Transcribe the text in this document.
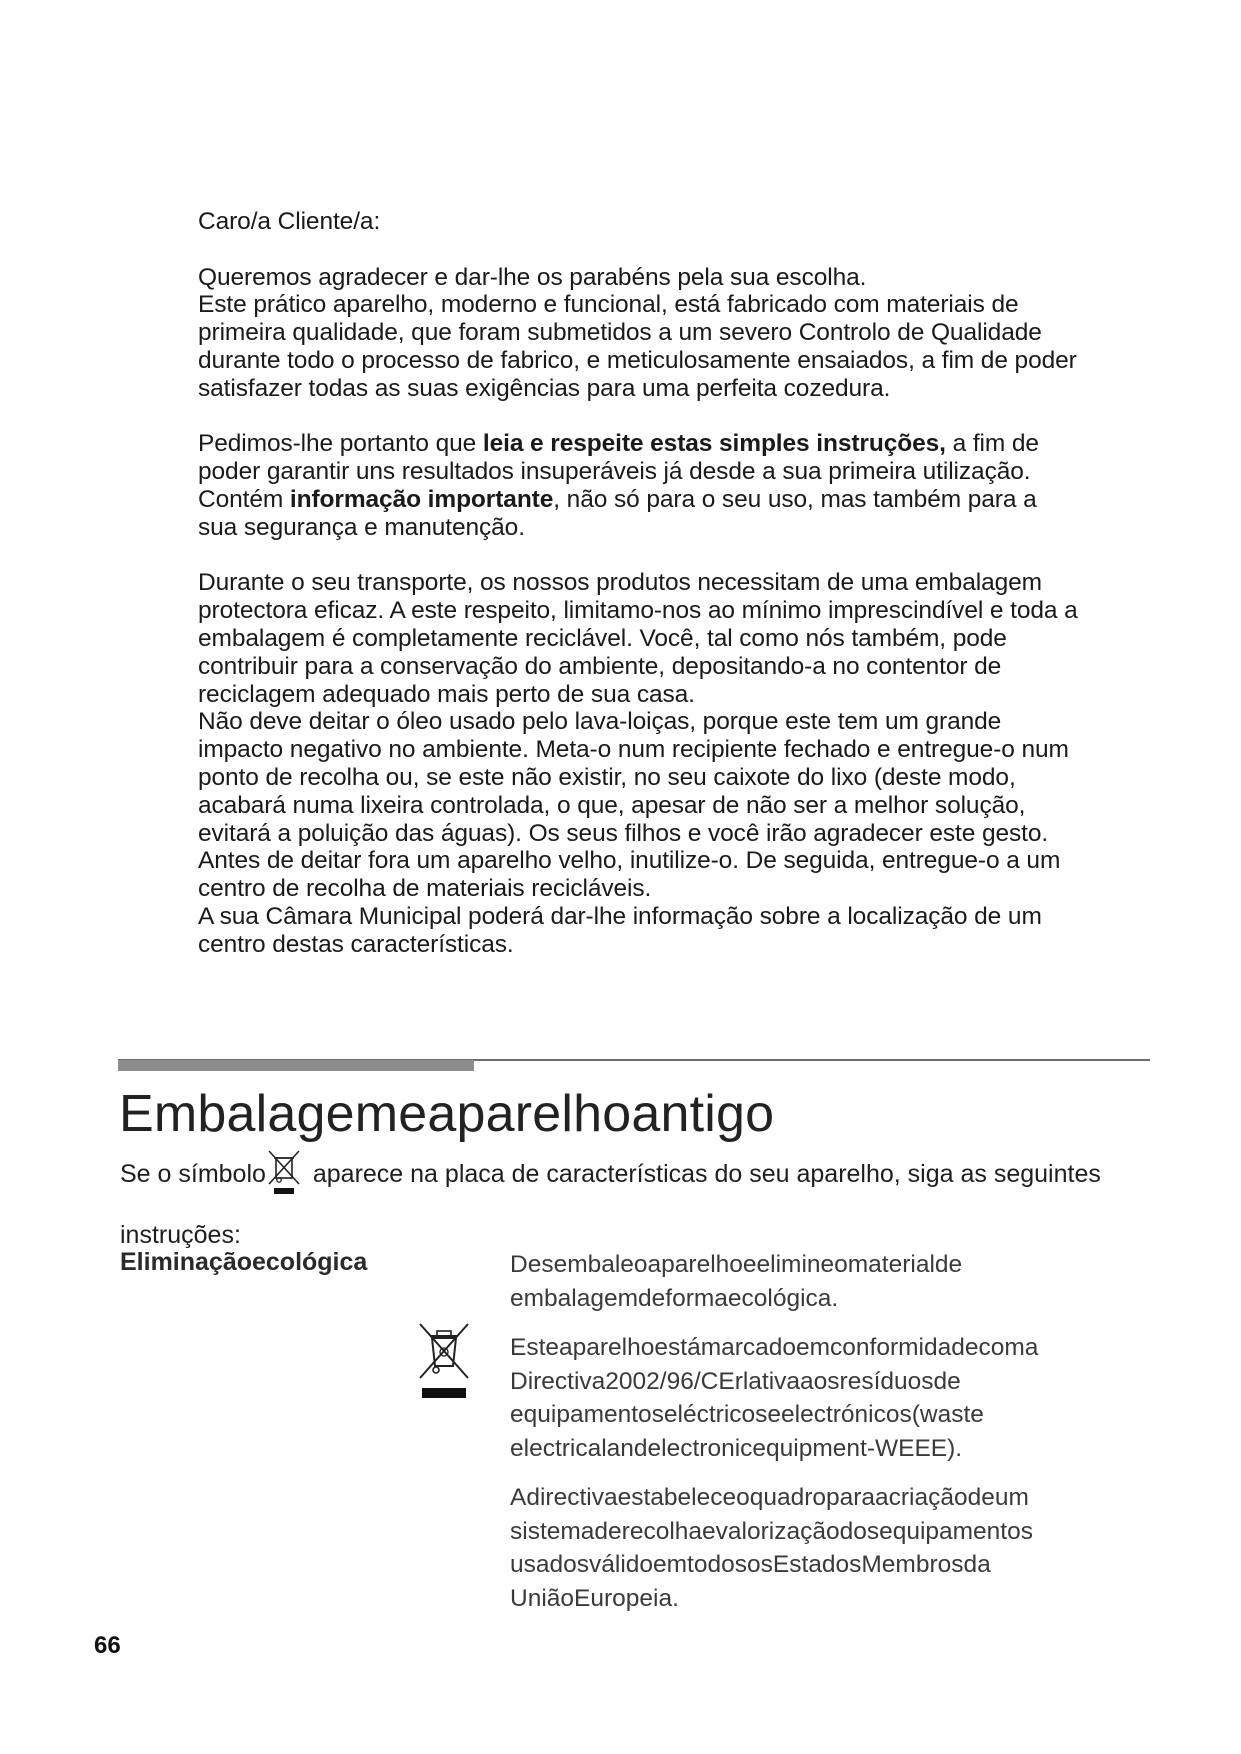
Caro/a Cliente/a:

Queremos agradecer e dar-lhe os parabéns pela sua escolha.
Este prático aparelho, moderno e funcional, está fabricado com materiais de primeira qualidade, que foram submetidos a um severo Controlo de Qualidade durante todo o processo de fabrico, e meticulosamente ensaiados, a fim de poder satisfazer todas as suas exigências para uma perfeita cozedura.

Pedimos-lhe portanto que leia e respeite estas simples instruções, a fim de poder garantir uns resultados insuperáveis já desde a sua primeira utilização. Contém informação importante, não só para o seu uso, mas também para a sua segurança e manutenção.

Durante o seu transporte, os nossos produtos necessitam de uma embalagem protectora eficaz. A este respeito, limitamo-nos ao mínimo imprescindível e toda a embalagem é completamente reciclável. Você, tal como nós também, pode contribuir para a conservação do ambiente, depositando-a no contentor de reciclagem adequado mais perto de sua casa.
Não deve deitar o óleo usado pelo lava-loiças, porque este tem um grande impacto negativo no ambiente. Meta-o num recipiente fechado e entregue-o num ponto de recolha ou, se este não existir, no seu caixote do lixo (deste modo, acabará numa lixeira controlada, o que, apesar de não ser a melhor solução, evitará a poluição das águas). Os seus filhos e você irão agradecer este gesto.
Antes de deitar fora um aparelho velho, inutilize-o. De seguida, entregue-o a um centro de recolha de materiais recicláveis.
A sua Câmara Municipal poderá dar-lhe informação sobre a localização de um centro destas características.

Embalagemeaparelhoantigo
Se o símbolo aparece na placa de características do seu aparelho, siga as seguintes instruções:
Eliminaçãoecológica	Desembaleoaparelhoeelimineomaterialde embalagemdeformaecológica.

Esteaparelhoestámarcadoemconformidadecoma Directiva2002/96/CErlativaaosresíduosde equipamentoseléctricoseelectrónicos(waste electricalandelectronicequipment-WEEE).

Adirectivaestabeleceoquadroparaacriaçãodeum sistemaderecolhaevalorizaçãodosequipamentos usadosválidoemtodososEstadosMembrosda UniãoEuropeia.

66
